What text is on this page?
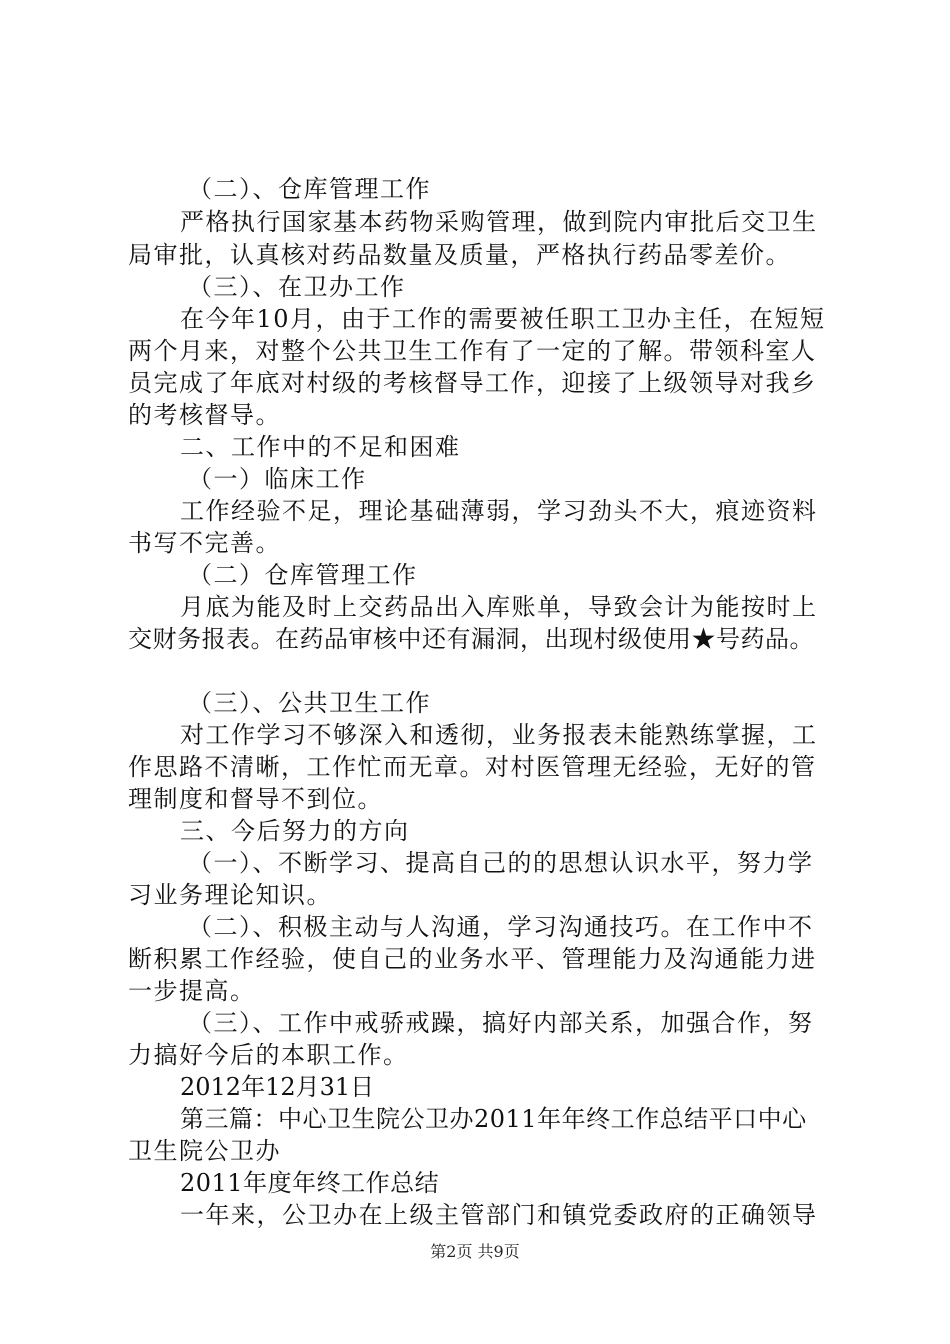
（二）、仓库管理工作
严格执行国家基本药物采购管理，做到院内审批后交卫生
局审批，认真核对药品数量及质量，严格执行药品零差价。
（三）、在卫办工作
在今年10月，由于工作的需要被任职工卫办主任，在短短
两个月来，对整个公共卫生工作有了一定的了解。带领科室人
员完成了年底对村级的考核督导工作，迎接了上级领导对我乡
的考核督导。
二、工作中的不足和困难
（一）临床工作
工作经验不足，理论基础薄弱，学习劲头不大，痕迹资料
书写不完善。
（二）仓库管理工作
月底为能及时上交药品出入库账单，导致会计为能按时上
交财务报表。在药品审核中还有漏洞，出现村级使用★号药品。
（三）、公共卫生工作
对工作学习不够深入和透彻，业务报表未能熟练掌握，工
作思路不清晰，工作忙而无章。对村医管理无经验，无好的管
理制度和督导不到位。
三、今后努力的方向
（一）、不断学习、提高自己的的思想认识水平，努力学
习业务理论知识。
（二）、积极主动与人沟通，学习沟通技巧。在工作中不
断积累工作经验，使自己的业务水平、管理能力及沟通能力进
一步提高。
（三）、工作中戒骄戒躁，搞好内部关系，加强合作，努
力搞好今后的本职工作。
2012年12月31日
第三篇：中心卫生院公卫办2011年年终工作总结平口中心
卫生院公卫办
2011年度年终工作总结
一年来，公卫办在上级主管部门和镇党委政府的正确领导
第2页 共9页
